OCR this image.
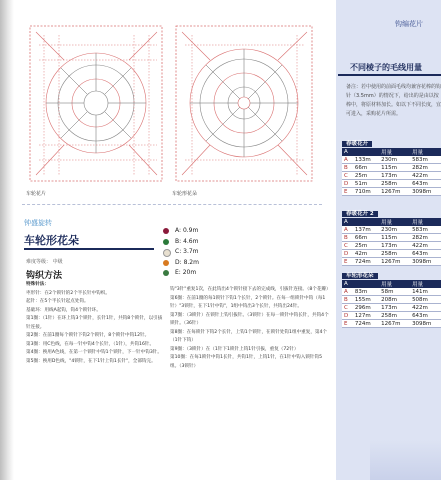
车轮花片	车轮形花朵
钟盛旋转
车轮形花朵
难度等级： 中级
A: 0.9m
B: 4.6m
C: 3.7m
D: 8.2m
E: 20m
钩织方法

特殊针法：

枣形针：在2个锁针的2个半长针中钩织。

起针：在5个半长针起点处钩。

基础环：用线A起钩，钩4个锁针环。

第1圈：（1针）在环上钩3个锁针，长针1针，共钩8个锁针，以引拔针连接。

第2圈：在前1圈每个锁针下钩2个锁针，8个锁针中钩12针。

第3圈：用C色线，在每一针中钩4个长针，（1针），共钩16针。

第4圈：换用A色线，在第一个锁针中钩1个锁针，下一针中钩3针。

第5圈：换用D色线，"4锁针，在下1针上钩1长针"，全部钩完。

钩"3针"重复1次，在此钩出4个锁针接下去的完成线，引拔针连接。（8个花瓣）

第6圈：在前1圈的每1锁针下钩1个长针，2个锁针。在每一组锁针中钩（每1针）"3锁针，在下1针中钩"，1组中钩出3个长针，共钩出24针。

第7圈：（3锁针）在锁针上钩引拔针。（3锁针）在每一锁针中钩长针，共钩4个锁针。（36针）

第8圈：在每锁针下钩2个长针，上钩1个锁针，在锁针处钩1组中重复，第4个（1针下钩）

第9圈：（3锁针）在（1针下1锁针上钩1针引拔，重复（72针）

第10圈：在每1锁针中钩1长针，共钩1针，上钩1针，在1针中钩入锁针钩5组。（3锁针）

钩编花片
不同棱子的毛线用量
备注：若中使用的前面毛线均兼容花棒的钩针（3.5mm）的情况下，给出的是由以按棒中，将原材料加长。如以下不同长度，宜可进入，采购花片所需。
春暖花开
A		用量	用量
A	133m	230m	583m
B	66m	115m	282m
C	25m	173m	422m
D	51m	258m	643m
E	710m	1267m	3098m
春暖花开 2
A		用量	用量
A	137m	230m	583m
B	66m	115m	282m
C	25m	173m	422m
D	42m	258m	643m
E	724m	1267m	3098m
车轮形花朵
A		用量	用量
A	83m	58m	141m
B	155m	208m	508m
C	296m	173m	422m
D	127m	258m	643m
E	724m	1267m	3098m
